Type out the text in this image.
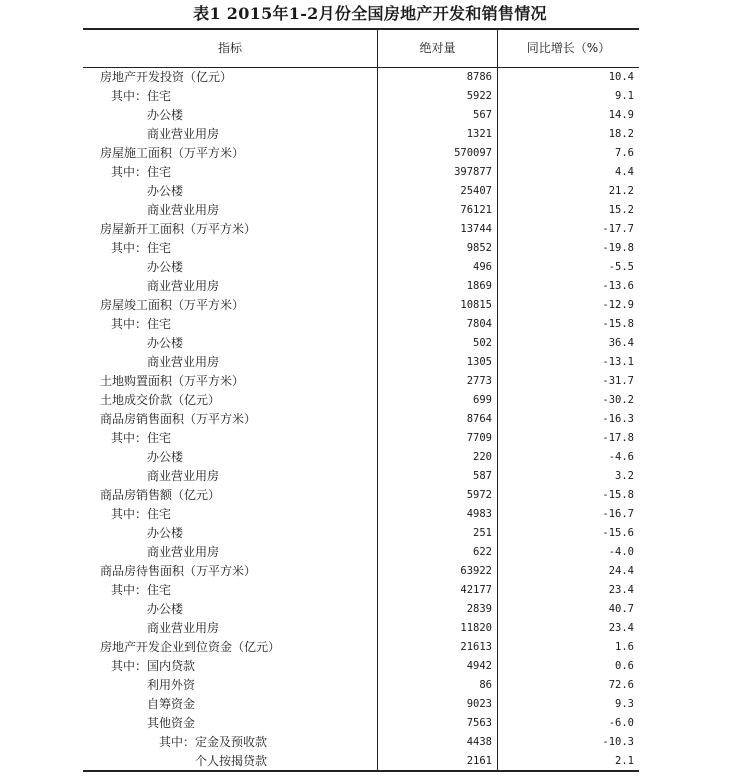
表1 2015年1-2月份全国房地产开发和销售情况
指标	绝对量	同比增长（%）
房地产开发投资（亿元）	8786	10.4
其中：住宅	5922	9.1
办公楼	567	14.9
商业营业用房	1321	18.2
房屋施工面积（万平方米）	570097	7.6
其中：住宅	397877	4.4
办公楼	25407	21.2
商业营业用房	76121	15.2
房屋新开工面积（万平方米）	13744	-17.7
其中：住宅	9852	-19.8
办公楼	496	-5.5
商业营业用房	1869	-13.6
房屋竣工面积（万平方米）	10815	-12.9
其中：住宅	7804	-15.8
办公楼	502	36.4
商业营业用房	1305	-13.1
土地购置面积（万平方米）	2773	-31.7
土地成交价款（亿元）	699	-30.2
商品房销售面积（万平方米）	8764	-16.3
其中：住宅	7709	-17.8
办公楼	220	-4.6
商业营业用房	587	3.2
商品房销售额（亿元）	5972	-15.8
其中：住宅	4983	-16.7
办公楼	251	-15.6
商业营业用房	622	-4.0
商品房待售面积（万平方米）	63922	24.4
其中：住宅	42177	23.4
办公楼	2839	40.7
商业营业用房	11820	23.4
房地产开发企业到位资金（亿元）	21613	1.6
其中：国内贷款	4942	0.6
利用外资	86	72.6
自筹资金	9023	9.3
其他资金	7563	-6.0
其中：定金及预收款	4438	-10.3
个人按揭贷款	2161	2.1
